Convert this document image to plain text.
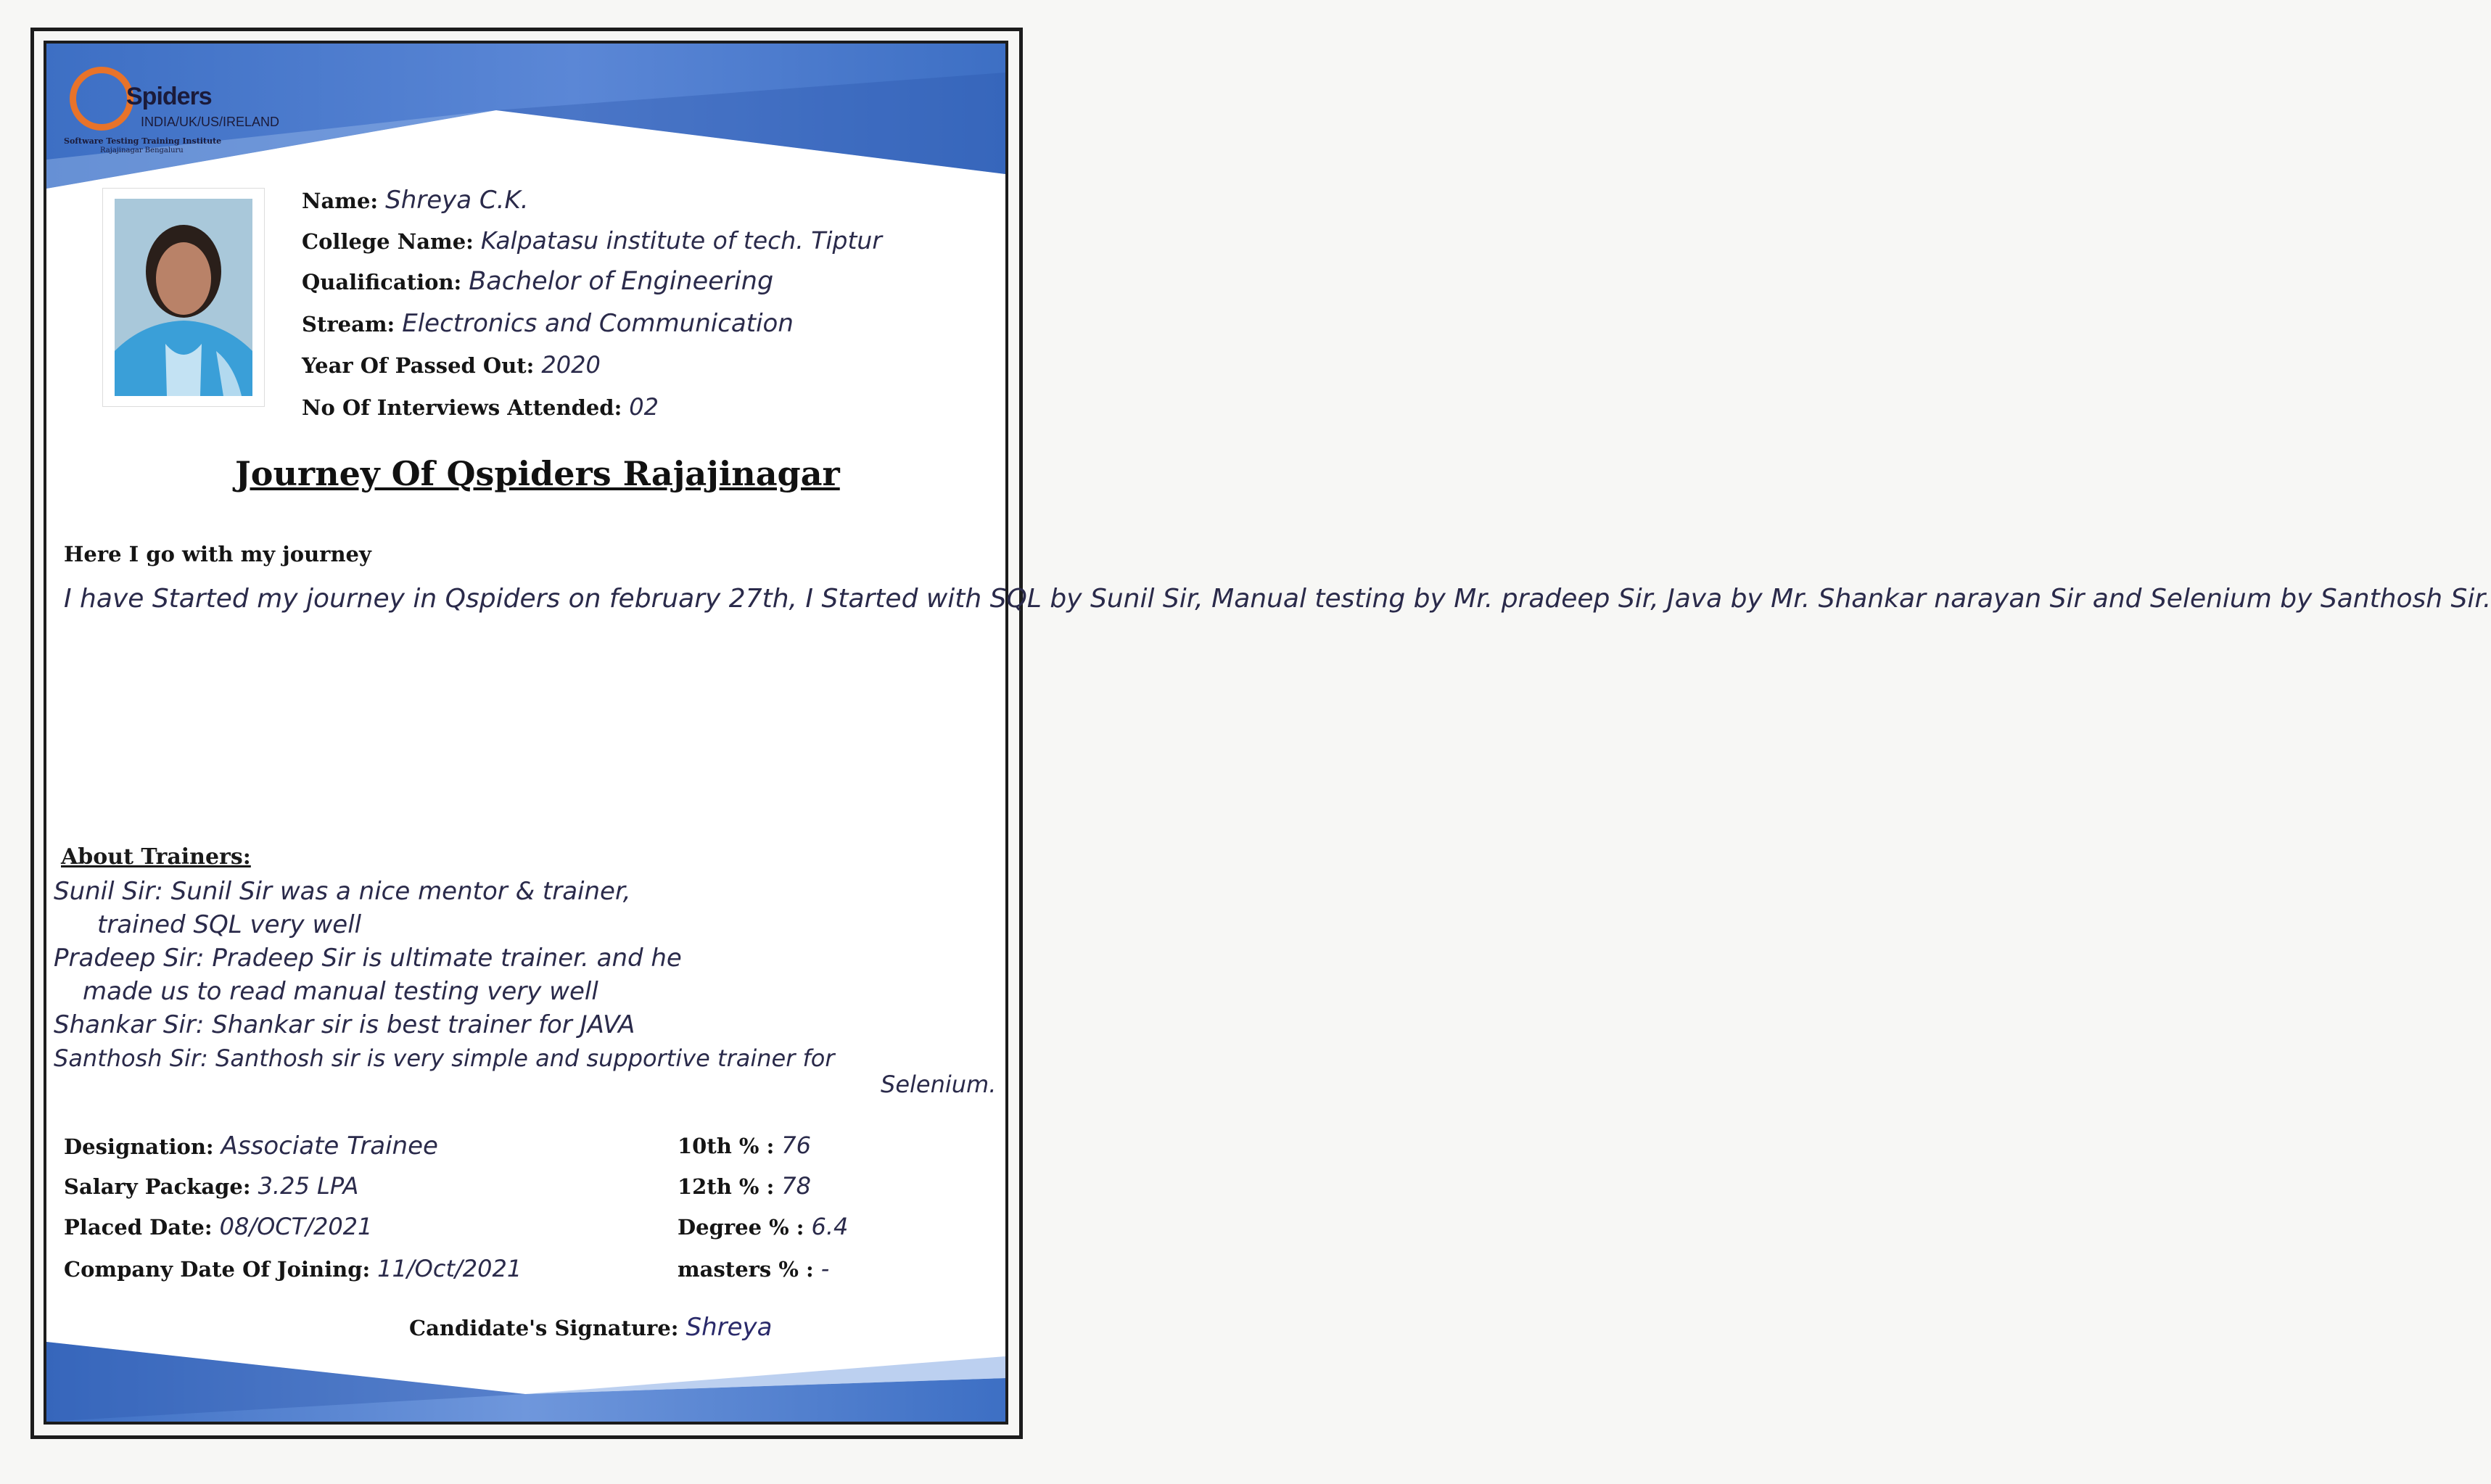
Spiders
INDIA/UK/US/IRELAND
Software Testing Training Institute
Rajajinagar Bengaluru
Name: Shreya C.K.
College Name: Kalpatasu institute of tech. Tiptur
Qualification: Bachelor of Engineering
Stream: Electronics and Communication
Year Of Passed Out: 2020
No Of Interviews Attended: 02
Journey Of Qspiders Rajajinagar
Here I go with my journey I have Started my journey in Qspiders on february 27th, I Started with SQL by Sunil Sir, Manual testing by Mr. pradeep Sir, Java by Mr. Shankar narayan Sir and Selenium by Santhosh Sir.
About Trainers:
Sunil Sir: Sunil Sir was a nice mentor & trainer,
trained SQL very well
Pradeep Sir: Pradeep Sir is ultimate trainer. and he
made us to read manual testing very well
Shankar Sir: Shankar sir is best trainer for JAVA
Santhosh Sir: Santhosh sir is very simple and supportive trainer for
Selenium.
Designation: Associate Trainee
Salary Package: 3.25 LPA
Placed Date: 08/OCT/2021
Company Date Of Joining: 11/Oct/2021
10th % : 76
12th % : 78
Degree % : 6.4
masters % : -
Candidate's Signature: Shreya
